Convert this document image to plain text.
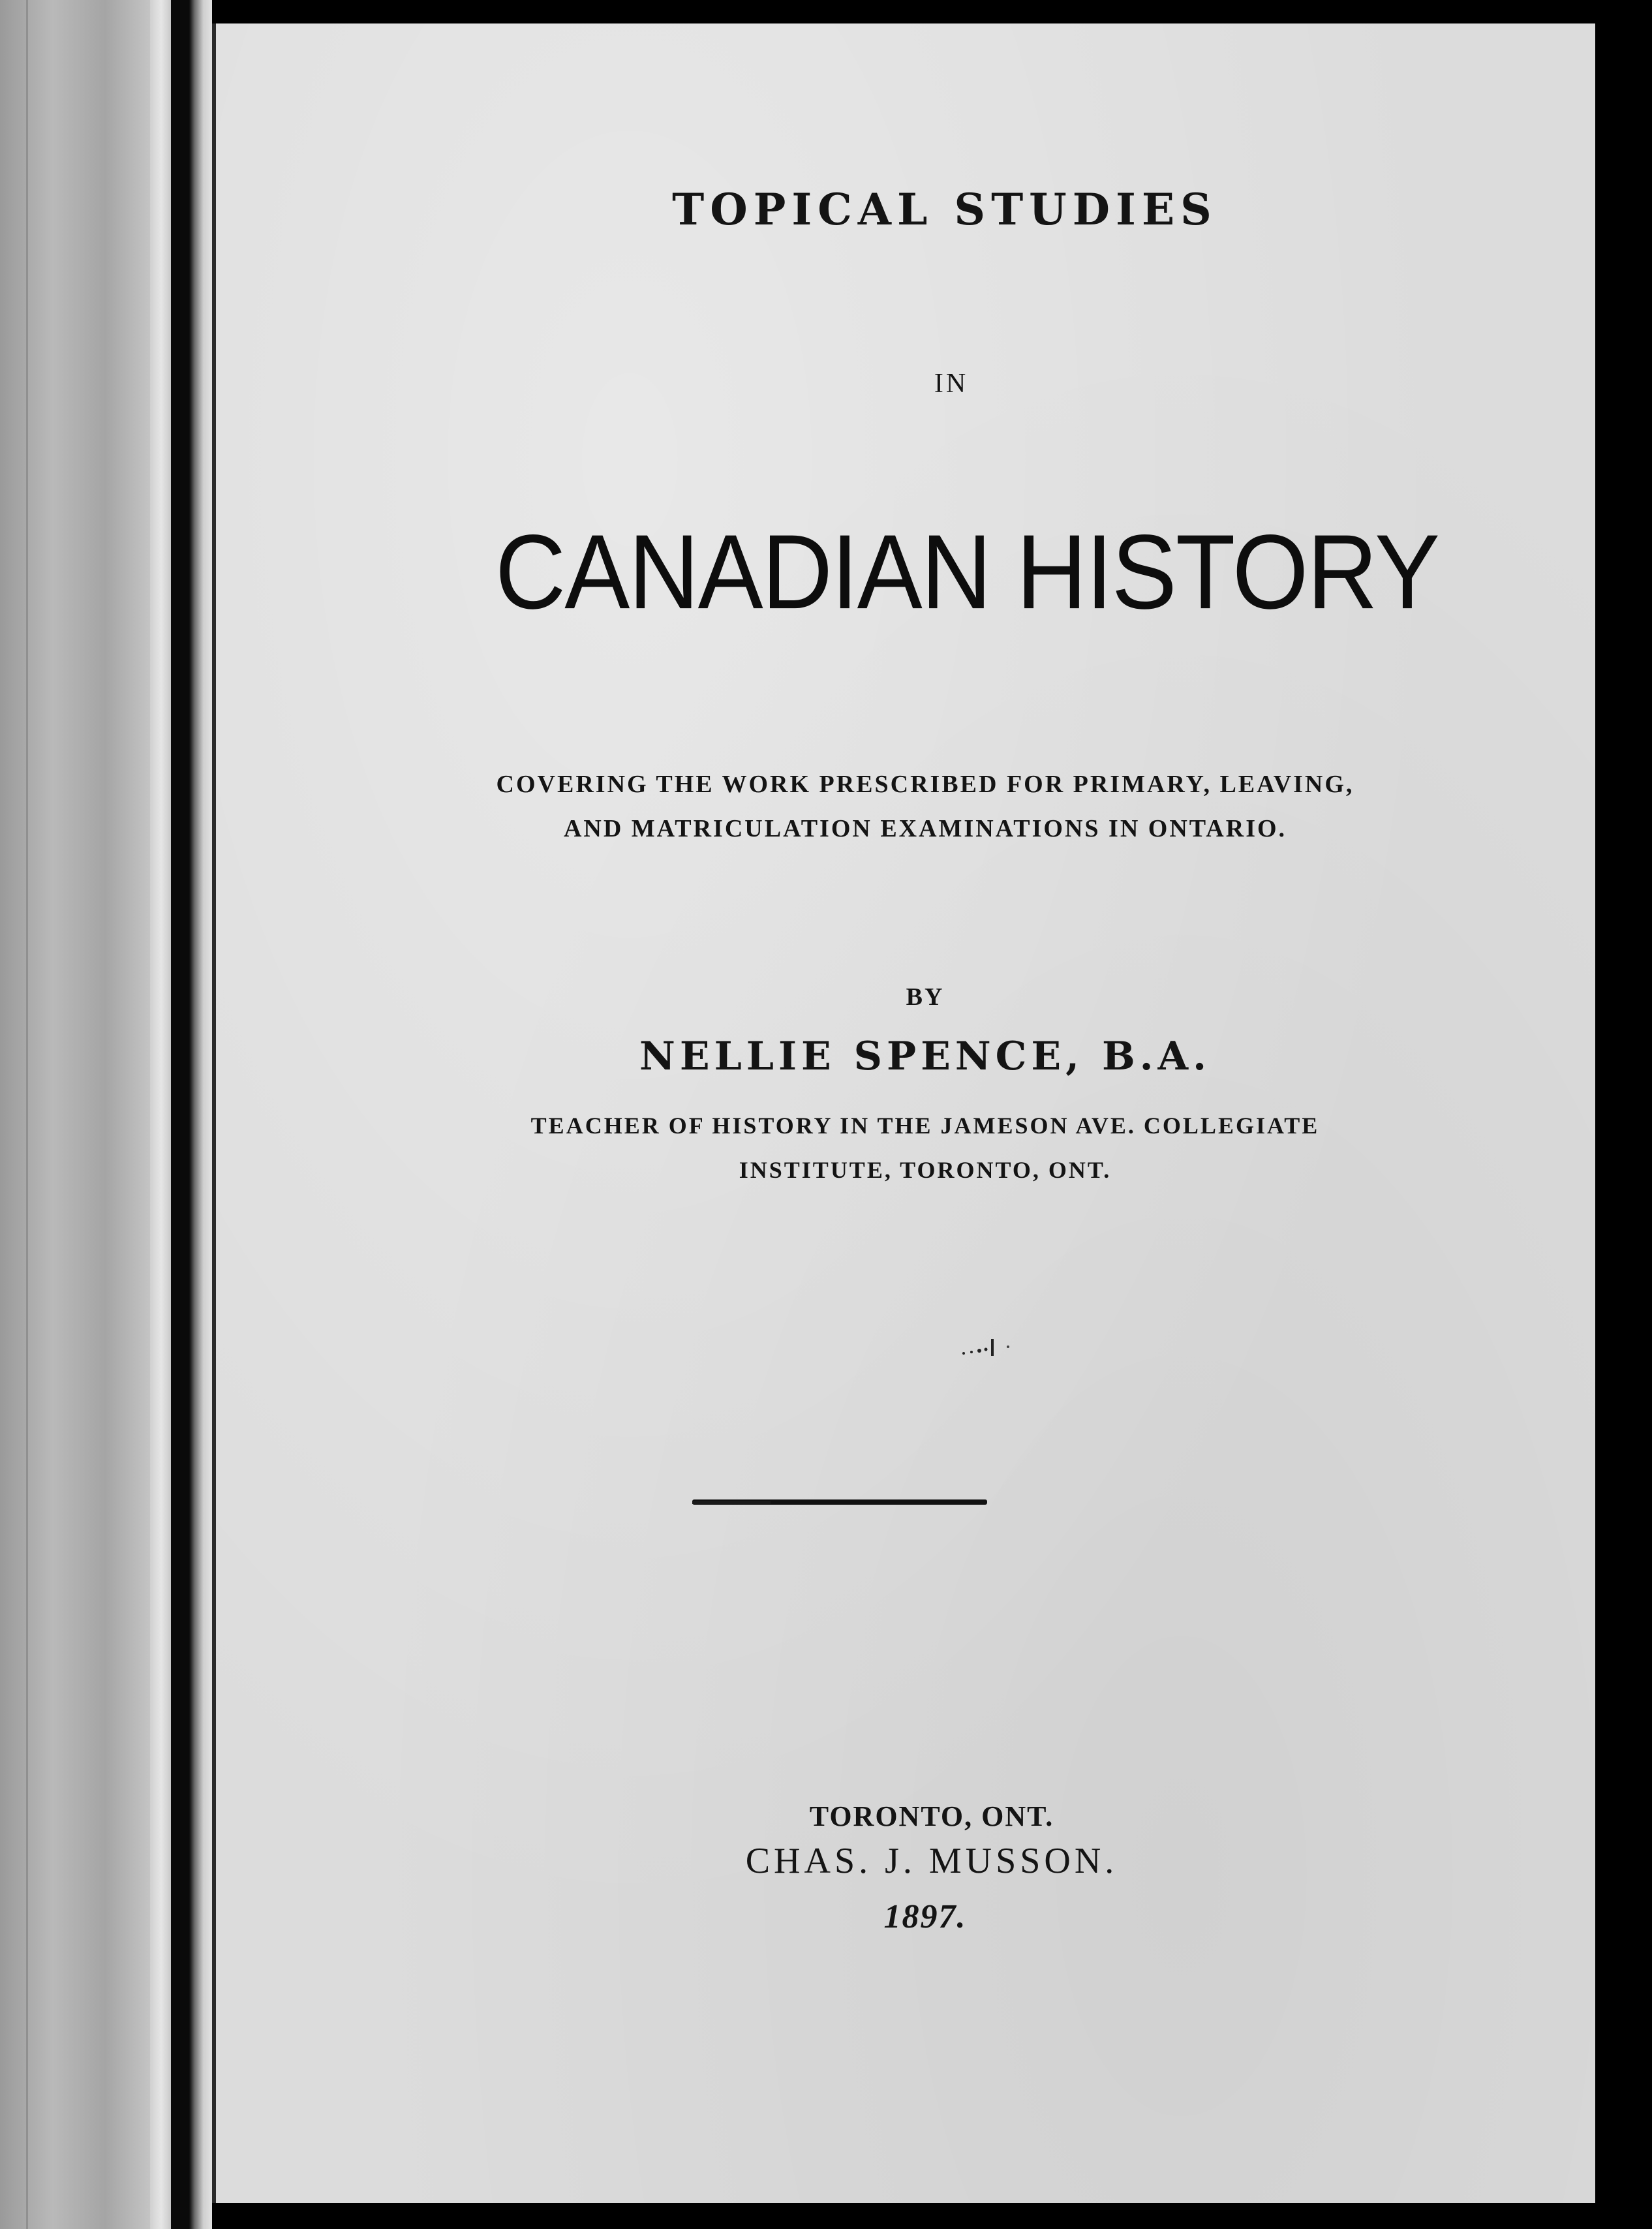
TOPICAL STUDIES
IN
CANADIAN HISTORY
COVERING THE WORK PRESCRIBED FOR PRIMARY, LEAVING,
AND MATRICULATION EXAMINATIONS IN ONTARIO.
BY
NELLIE SPENCE, B.A.
TEACHER OF HISTORY IN THE JAMESON AVE. COLLEGIATE
INSTITUTE, TORONTO, ONT.
TORONTO, ONT.
CHAS. J. MUSSON.
1897.
